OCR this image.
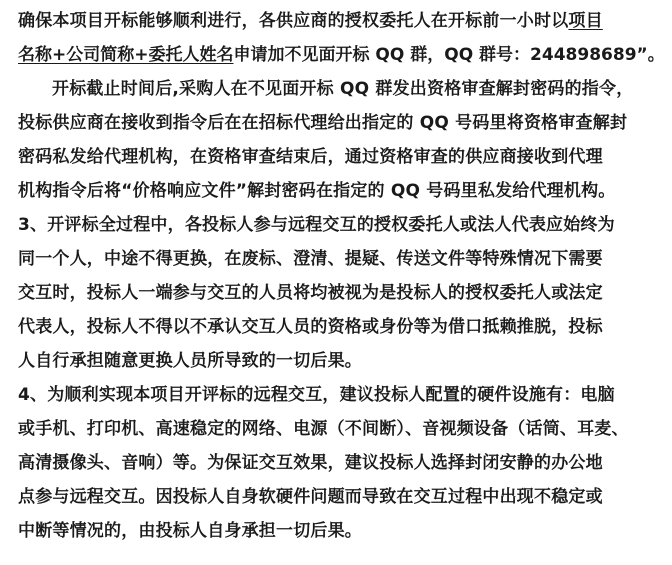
确保本项目开标能够顺利进行，各供应商的授权委托人在开标前一小时以项目
名称+公司简称+委托人姓名申请加不见面开标 QQ 群，QQ 群号：244898689”。
开标截止时间后,采购人在不见面开标 QQ 群发出资格审查解封密码的指令，
投标供应商在接收到指令后在在招标代理给出指定的 QQ 号码里将资格审查解封
密码私发给代理机构，在资格审查结束后，通过资格审查的供应商接收到代理
机构指令后将“价格响应文件”解封密码在指定的 QQ 号码里私发给代理机构。
3、开评标全过程中，各投标人参与远程交互的授权委托人或法人代表应始终为
同一个人，中途不得更换，在废标、澄清、提疑、传送文件等特殊情况下需要
交互时，投标人一端参与交互的人员将均被视为是投标人的授权委托人或法定
代表人，投标人不得以不承认交互人员的资格或身份等为借口抵赖推脱，投标
人自行承担随意更换人员所导致的一切后果。
4、为顺利实现本项目开评标的远程交互，建议投标人配置的硬件设施有：电脑
或手机、打印机、高速稳定的网络、电源（不间断）、音视频设备（话筒、耳麦、
高清摄像头、音响）等。为保证交互效果，建议投标人选择封闭安静的办公地
点参与远程交互。因投标人自身软硬件问题而导致在交互过程中出现不稳定或
中断等情况的，由投标人自身承担一切后果。
